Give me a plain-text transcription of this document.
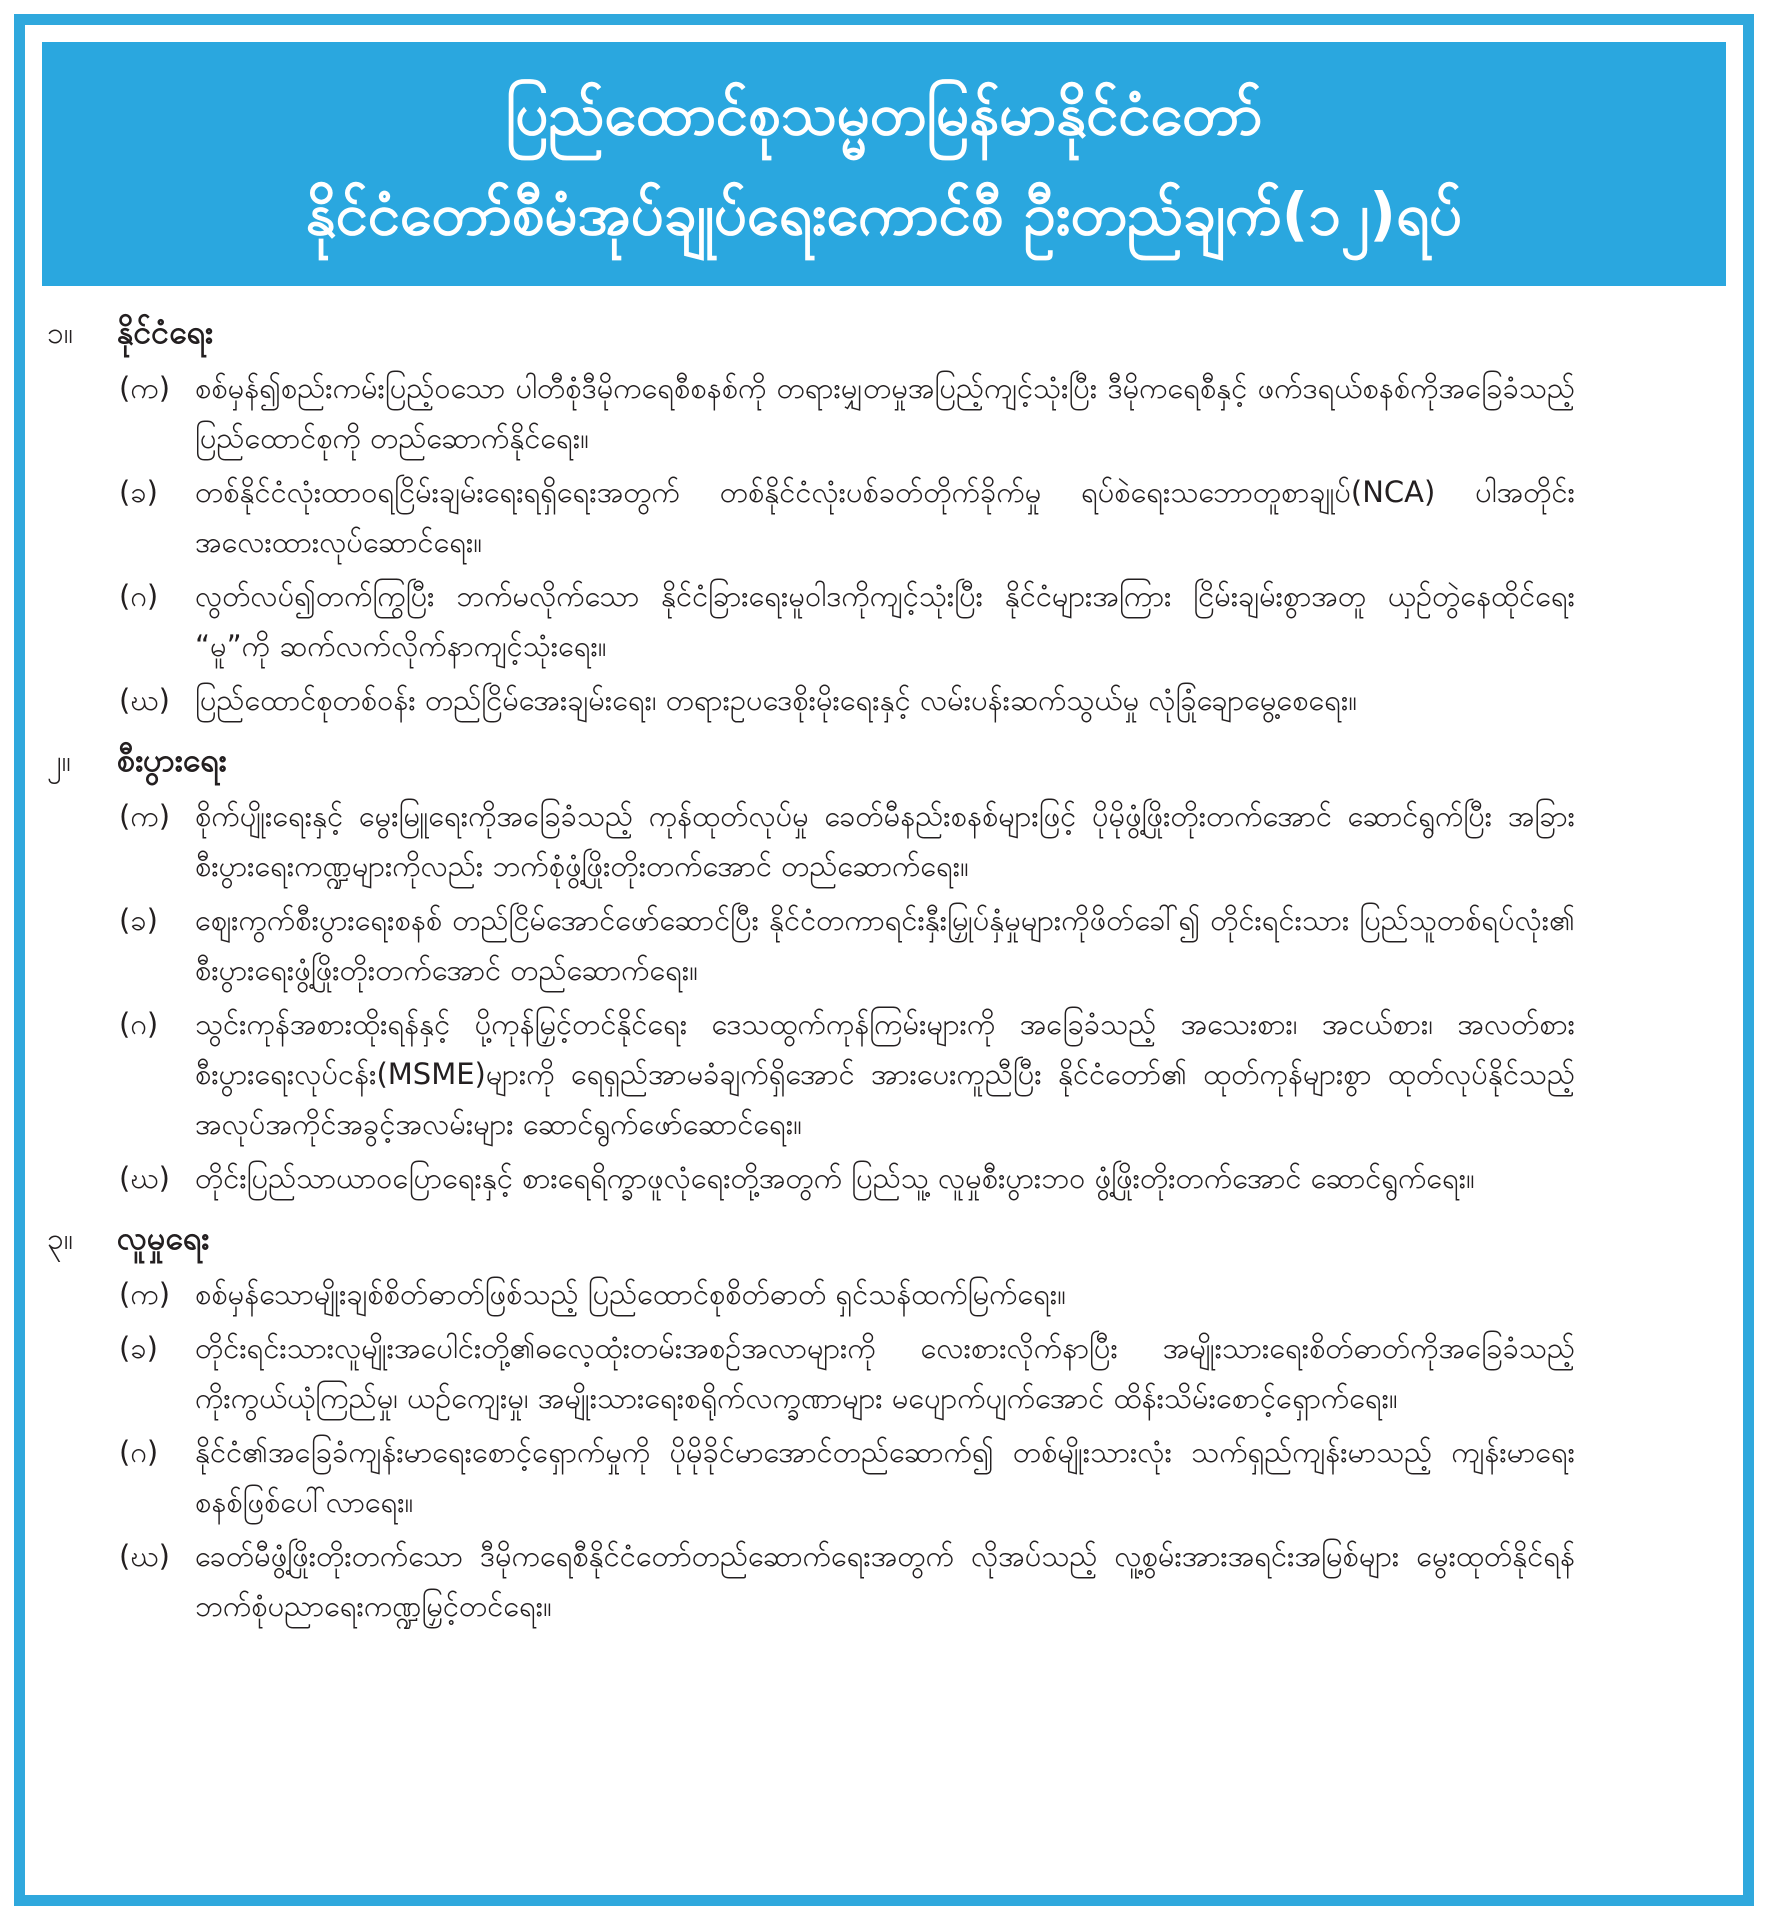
ပြည်ထောင်စုသမ္မတမြန်မာနိုင်ငံတော်
နိုင်ငံတော်စီမံအုပ်ချုပ်ရေးကောင်စီ ဦးတည်ချက်(၁၂)ရပ်
၁။	နိုင်ငံရေး
(က) စစ်မှန်၍စည်းကမ်းပြည့်ဝသော ပါတီစုံဒီမိုကရေစီစနစ်ကို တရားမျှတမှုအပြည့်ကျင့်သုံးပြီး ဒီမိုကရေစီနှင့် ဖက်ဒရယ်စနစ်ကိုအခြေခံသည့် ပြည်ထောင်စုကို တည်ဆောက်နိုင်ရေး။
(ခ)	တစ်နိုင်ငံလုံးထာဝရငြိမ်းချမ်းရေးရရှိရေးအတွက် တစ်နိုင်ငံလုံးပစ်ခတ်တိုက်ခိုက်မှု ရပ်စဲရေးသဘောတူစာချုပ်(NCA) ပါအတိုင်း အလေးထားလုပ်ဆောင်ရေး။
(ဂ)	လွတ်လပ်၍တက်ကြွပြီး ဘက်မလိုက်သော နိုင်ငံခြားရေးမူဝါဒကိုကျင့်သုံးပြီး နိုင်ငံများအကြား ငြိမ်းချမ်းစွာအတူ ယှဉ်တွဲနေထိုင်ရေး “မူ”ကို ဆက်လက်လိုက်နာကျင့်သုံးရေး။
(ဃ) ပြည်ထောင်စုတစ်ဝန်း တည်ငြိမ်အေးချမ်းရေး၊ တရားဥပဒေစိုးမိုးရေးနှင့် လမ်းပန်းဆက်သွယ်မှု လုံခြုံချောမွေ့စေရေး။
၂။	စီးပွားရေး
(က) စိုက်ပျိုးရေးနှင့် မွေးမြူရေးကိုအခြေခံသည့် ကုန်ထုတ်လုပ်မှု ခေတ်မီနည်းစနစ်များဖြင့် ပိုမိုဖွံ့ဖြိုးတိုးတက်အောင် ဆောင်ရွက်ပြီး အခြားစီးပွားရေးကဏ္ဍများကိုလည်း ဘက်စုံဖွံ့ဖြိုးတိုးတက်အောင် တည်ဆောက်ရေး။
(ခ)	ဈေးကွက်စီးပွားရေးစနစ် တည်ငြိမ်အောင်ဖော်ဆောင်ပြီး နိုင်ငံတကာရင်းနှီးမြှုပ်နှံမှုများကိုဖိတ်ခေါ်၍ တိုင်းရင်းသား ပြည်သူတစ်ရပ်လုံး၏ စီးပွားရေးဖွံ့ဖြိုးတိုးတက်အောင် တည်ဆောက်ရေး။
(ဂ)	သွင်းကုန်အစားထိုးရန်နှင့် ပို့ကုန်မြှင့်တင်နိုင်ရေး ဒေသထွက်ကုန်ကြမ်းများကို အခြေခံသည့် အသေးစား၊ အငယ်စား၊ အလတ်စားစီးပွားရေးလုပ်ငန်း(MSME)များကို ရေရှည်အာမခံချက်ရှိအောင် အားပေးကူညီပြီး နိုင်ငံတော်၏ ထုတ်ကုန်များစွာ ထုတ်လုပ်နိုင်သည့် အလုပ်အကိုင်အခွင့်အလမ်းများ ဆောင်ရွက်ဖော်ဆောင်ရေး။
(ဃ) တိုင်းပြည်သာယာဝပြောရေးနှင့် စားရေရိက္ခာဖူလုံရေးတို့အတွက် ပြည်သူ့ လူမှုစီးပွားဘဝ ဖွံ့ဖြိုးတိုးတက်အောင် ဆောင်ရွက်ရေး။
၃။	လူမှုရေး
(က) စစ်မှန်သောမျိုးချစ်စိတ်ဓာတ်ဖြစ်သည့် ပြည်ထောင်စုစိတ်ဓာတ် ရှင်သန်ထက်မြက်ရေး။
(ခ)	တိုင်းရင်းသားလူမျိုးအပေါင်းတို့၏ဓလေ့ထုံးတမ်းအစဉ်အလာများကို လေးစားလိုက်နာပြီး အမျိုးသားရေးစိတ်ဓာတ်ကိုအခြေခံသည့် ကိုးကွယ်ယုံကြည်မှု၊ ယဉ်ကျေးမှု၊ အမျိုးသားရေးစရိုက်လက္ခဏာများ မပျောက်ပျက်အောင် ထိန်းသိမ်းစောင့်ရှောက်ရေး။
(ဂ)	နိုင်ငံ၏အခြေခံကျန်းမာရေးစောင့်ရှောက်မှုကို ပိုမိုခိုင်မာအောင်တည်ဆောက်၍ တစ်မျိုးသားလုံး သက်ရှည်ကျန်းမာသည့် ကျန်းမာရေးစနစ်ဖြစ်ပေါ်လာရေး။
(ဃ) ခေတ်မီဖွံ့ဖြိုးတိုးတက်သော ဒီမိုကရေစီနိုင်ငံတော်တည်ဆောက်ရေးအတွက် လိုအပ်သည့် လူ့စွမ်းအားအရင်းအမြစ်များ မွေးထုတ်နိုင်ရန် ဘက်စုံပညာရေးကဏ္ဍမြှင့်တင်ရေး။
